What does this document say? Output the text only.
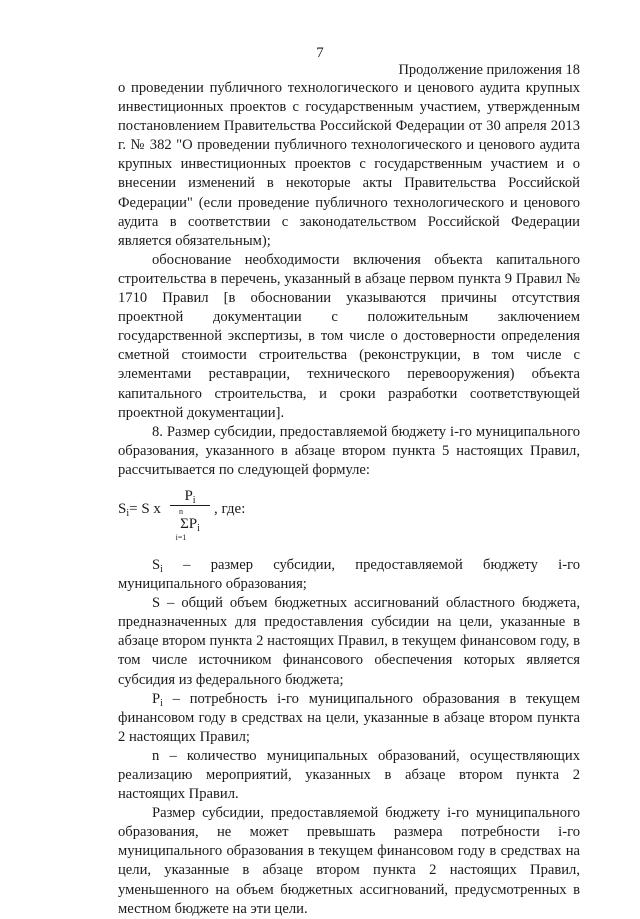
7
Продолжение приложения 18

о проведении публичного технологического и ценового аудита крупных инвестиционных проектов с государственным участием, утвержденным постановлением Правительства Российской Федерации от 30 апреля 2013 г. № 382 "О проведении публичного технологического и ценового аудита крупных инвестиционных проектов с государственным участием и о внесении изменений в некоторые акты Правительства Российской Федерации" (если проведение публичного технологического и ценового аудита в соответствии с законодательством Российской Федерации является обязательным);

обоснование необходимости включения объекта капитального строительства в перечень, указанный в абзаце первом пункта 9 Правил № 1710 Правил [в обосновании указываются причины отсутствия проектной документации с положительным заключением государственной экспертизы, в том числе о достоверности определения сметной стоимости строительства (реконструкции, в том числе с элементами реставрации, технического перевооружения) объекта капитального строительства, и сроки разработки соответствующей проектной документации].

8. Размер субсидии, предоставляемой бюджету i-го муниципального образования, указанного в абзаце втором пункта 5 настоящих Правил, рассчитывается по следующей формуле:

$S_i= S$ x
$P_i$
n
$\Sigma P_i$
i=1
, где:

$S_i$ – размер субсидии, предоставляемой бюджету i-го муниципального образования;

S – общий объем бюджетных ассигнований областного бюджета, предназначенных для предоставления субсидии на цели, указанные в абзаце втором пункта 2 настоящих Правил, в текущем финансовом году, в том числе источником финансового обеспечения которых является субсидия из федерального бюджета;

$P_i$ – потребность i-го муниципального образования в текущем финансовом году в средствах на цели, указанные в абзаце втором пункта 2 настоящих Правил;

n – количество муниципальных образований, осуществляющих реализацию мероприятий, указанных в абзаце втором пункта 2 настоящих Правил.

Размер субсидии, предоставляемой бюджету i-го муниципального образования, не может превышать размера потребности i-го муниципального образования в текущем финансовом году в средствах на цели, указанные в абзаце втором пункта 2 настоящих Правил, уменьшенного на объем бюджетных ассигнований, предусмотренных в местном бюджете на эти цели.
